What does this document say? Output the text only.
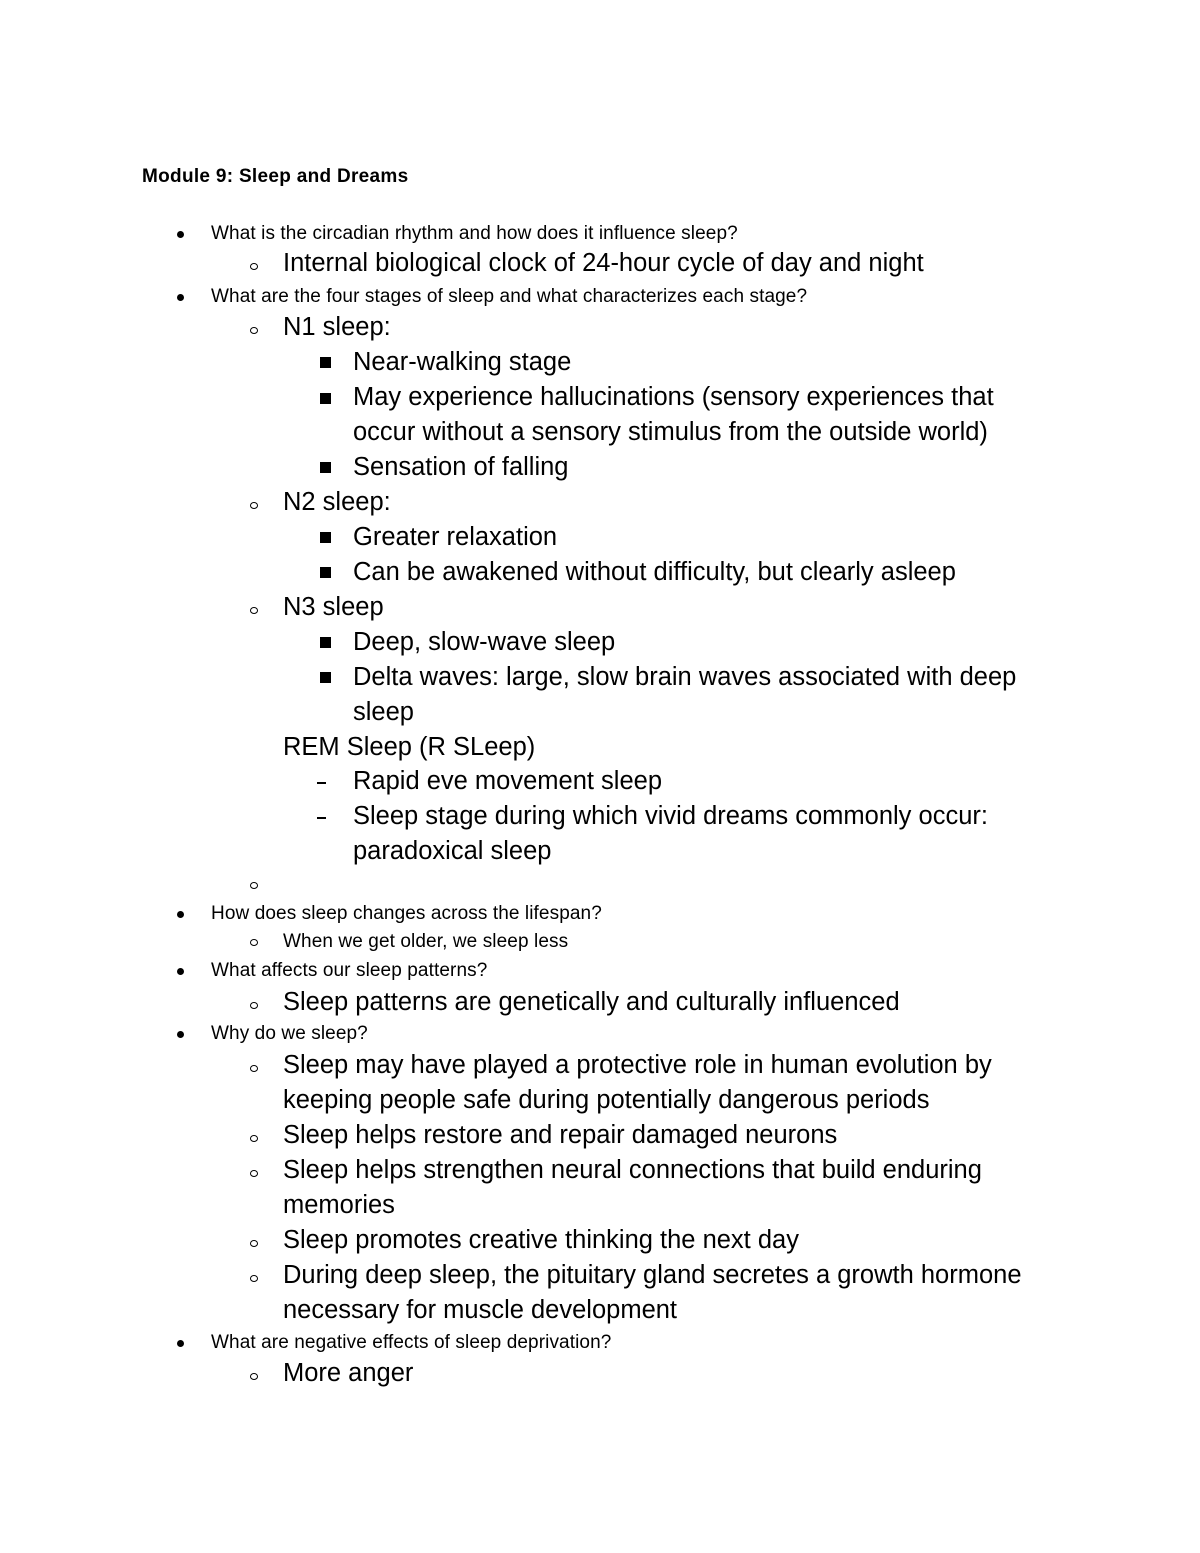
Module 9: Sleep and Dreams
What is the circadian rhythm and how does it influence sleep?
Internal biological clock of 24-hour cycle of day and night
What are the four stages of sleep and what characterizes each stage?
N1 sleep:
Near-walking stage
May experience hallucinations (sensory experiences that
occur without a sensory stimulus from the outside world)
Sensation of falling
N2 sleep:
Greater relaxation
Can be awakened without difficulty, but clearly asleep
N3 sleep
Deep, slow-wave sleep
Delta waves: large, slow brain waves associated with deep
sleep
REM Sleep (R SLeep)
Rapid eve movement sleep
Sleep stage during which vivid dreams commonly occur:
paradoxical sleep
How does sleep changes across the lifespan?
When we get older, we sleep less
What affects our sleep patterns?
Sleep patterns are genetically and culturally influenced
Why do we sleep?
Sleep may have played a protective role in human evolution by
keeping people safe during potentially dangerous periods
Sleep helps restore and repair damaged neurons
Sleep helps strengthen neural connections that build enduring
memories
Sleep promotes creative thinking the next day
During deep sleep, the pituitary gland secretes a growth hormone
necessary for muscle development
What are negative effects of sleep deprivation?
More anger
